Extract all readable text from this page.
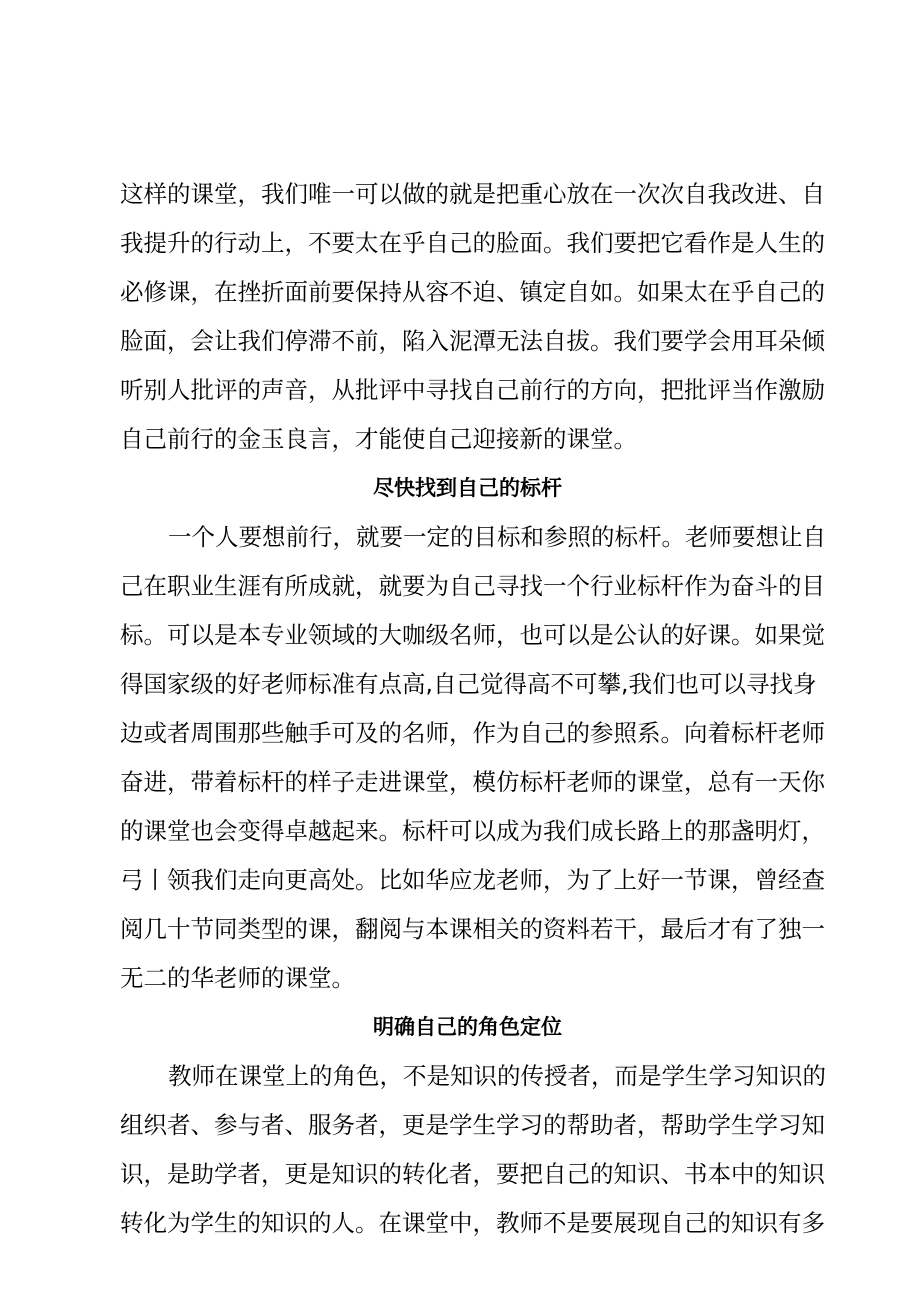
这样的课堂，我们唯一可以做的就是把重心放在一次次自我改进、自

我提升的行动上，不要太在乎自己的脸面。我们要把它看作是人生的

必修课，在挫折面前要保持从容不迫、镇定自如。如果太在乎自己的

脸面，会让我们停滞不前，陷入泥潭无法自拔。我们要学会用耳朵倾

听别人批评的声音，从批评中寻找自己前行的方向，把批评当作激励

自己前行的金玉良言，才能使自己迎接新的课堂。

尽快找到自己的标杆

一个人要想前行，就要一定的目标和参照的标杆。老师要想让自

己在职业生涯有所成就，就要为自己寻找一个行业标杆作为奋斗的目

标。可以是本专业领域的大咖级名师，也可以是公认的好课。如果觉

得国家级的好老师标准有点高,自己觉得高不可攀,我们也可以寻找身

边或者周围那些触手可及的名师，作为自己的参照系。向着标杆老师

奋进，带着标杆的样子走进课堂，模仿标杆老师的课堂，总有一天你

的课堂也会变得卓越起来。标杆可以成为我们成长路上的那盏明灯，

弓丨领我们走向更高处。比如华应龙老师，为了上好一节课，曾经查

阅几十节同类型的课，翻阅与本课相关的资料若干，最后才有了独一

无二的华老师的课堂。

明确自己的角色定位

教师在课堂上的角色，不是知识的传授者，而是学生学习知识的

组织者、参与者、服务者，更是学生学习的帮助者，帮助学生学习知

识，是助学者，更是知识的转化者，要把自己的知识、书本中的知识

转化为学生的知识的人。在课堂中，教师不是要展现自己的知识有多
